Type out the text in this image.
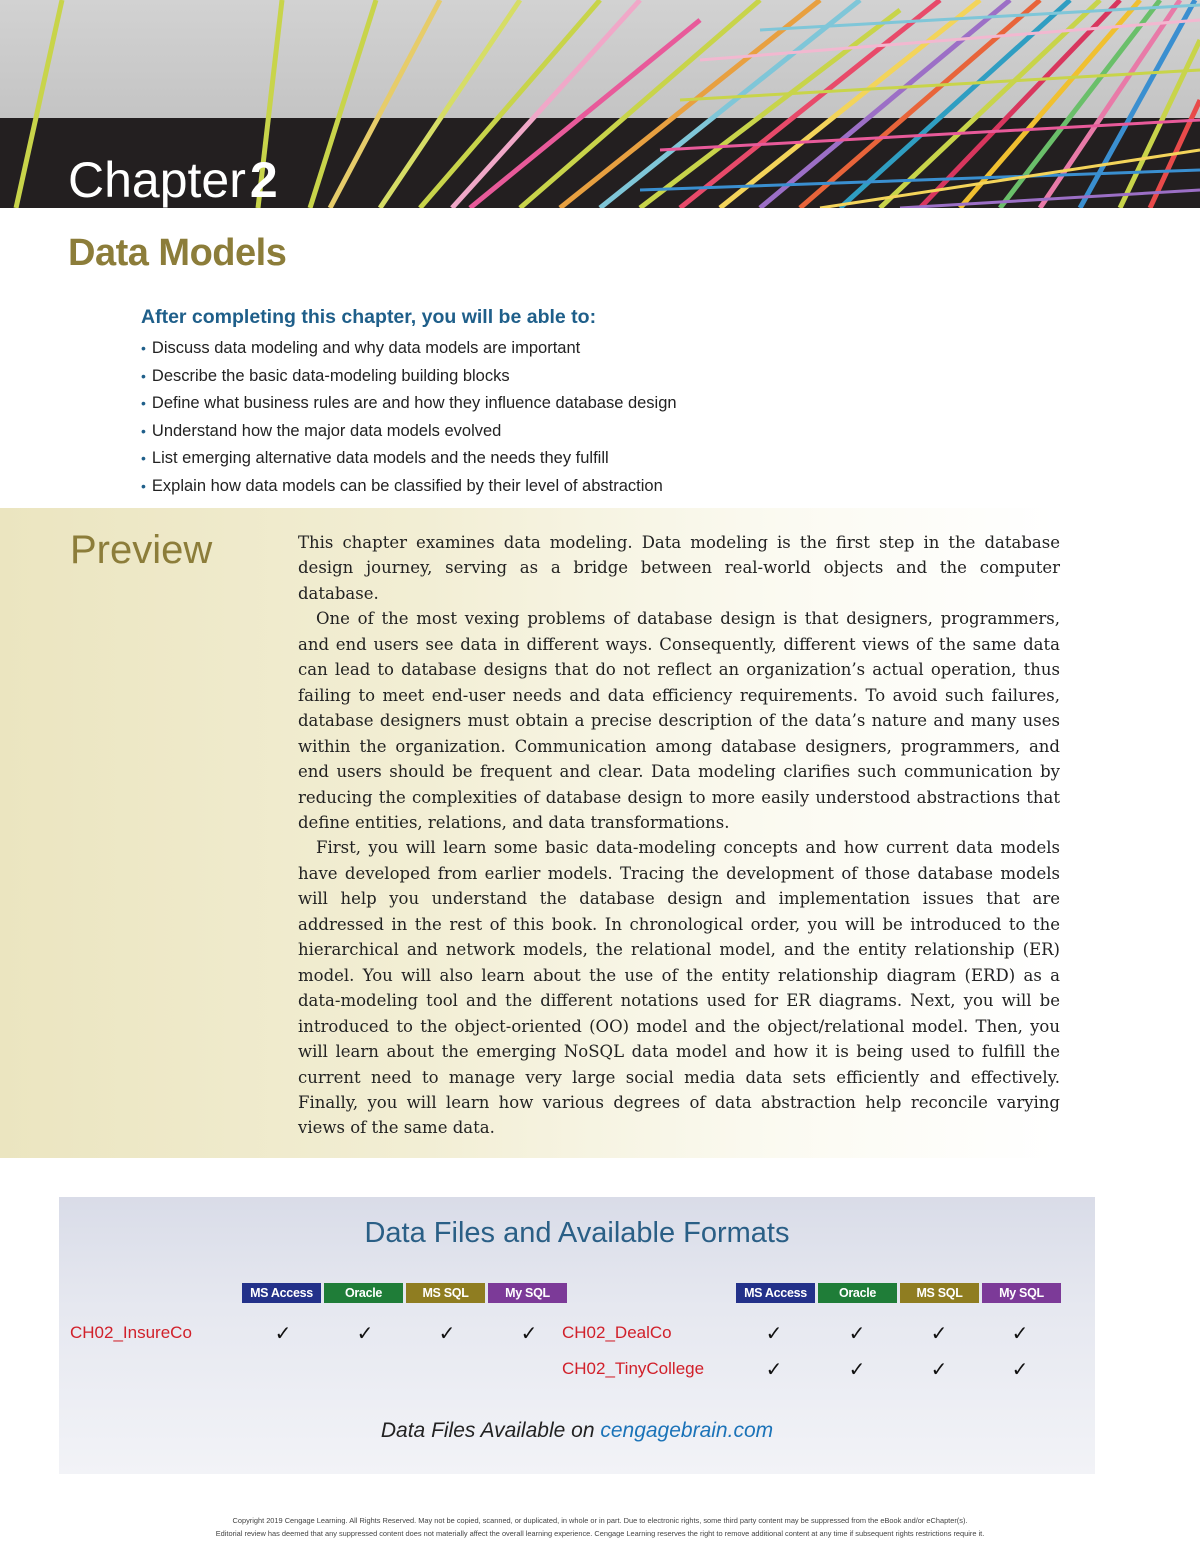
Chapter2
Data Models
After completing this chapter, you will be able to:
• Discuss data modeling and why data models are important
• Describe the basic data-modeling building blocks
• Define what business rules are and how they influence database design
• Understand how the major data models evolved
• List emerging alternative data models and the needs they fulfill
• Explain how data models can be classified by their level of abstraction
Preview	This chapter examines data modeling. Data modeling is the first step in the database design journey, serving as a bridge between real-world objects and the computer database.

One of the most vexing problems of database design is that designers, programmers, and end users see data in different ways. Consequently, different views of the same data can lead to database designs that do not reflect an organization’s actual operation, thus failing to meet end-user needs and data efficiency requirements. To avoid such failures, database designers must obtain a precise description of the data’s nature and many uses within the organization. Communication among database designers, programmers, and end users should be frequent and clear. Data modeling clarifies such communication by reducing the complexities of database design to more easily understood abstractions that define entities, relations, and data transformations.

First, you will learn some basic data-modeling concepts and how current data models have developed from earlier models. Tracing the development of those database models will help you understand the database design and implementation issues that are addressed in the rest of this book. In chronological order, you will be introduced to the hierarchical and network models, the relational model, and the entity relationship (ER) model. You will also learn about the use of the entity relationship diagram (ERD) as a data-modeling tool and the different notations used for ER diagrams. Next, you will be introduced to the object-oriented (OO) model and the object/relational model. Then, you will learn about the emerging NoSQL data model and how it is being used to fulfill the current need to manage very large social media data sets efficiently and effectively. Finally, you will learn how various degrees of data abstraction help reconcile varying views of the same data.

Data Files and Available Formats
MS Access	Oracle	MS SQL	My SQL	MS Access	Oracle	MS SQL	My SQL
CH02_InsureCo	✓	✓	✓	✓ CH02_DealCo	✓	✓	✓	✓
CH02_TinyCollege	✓	✓	✓	✓
Data Files Available on cengagebrain.com
Copyright 2019 Cengage Learning. All Rights Reserved. May not be copied, scanned, or duplicated, in whole or in part. Due to electronic rights, some third party content may be suppressed from the eBook and/or eChapter(s).
Editorial review has deemed that any suppressed content does not materially affect the overall learning experience. Cengage Learning reserves the right to remove additional content at any time if subsequent rights restrictions require it.
